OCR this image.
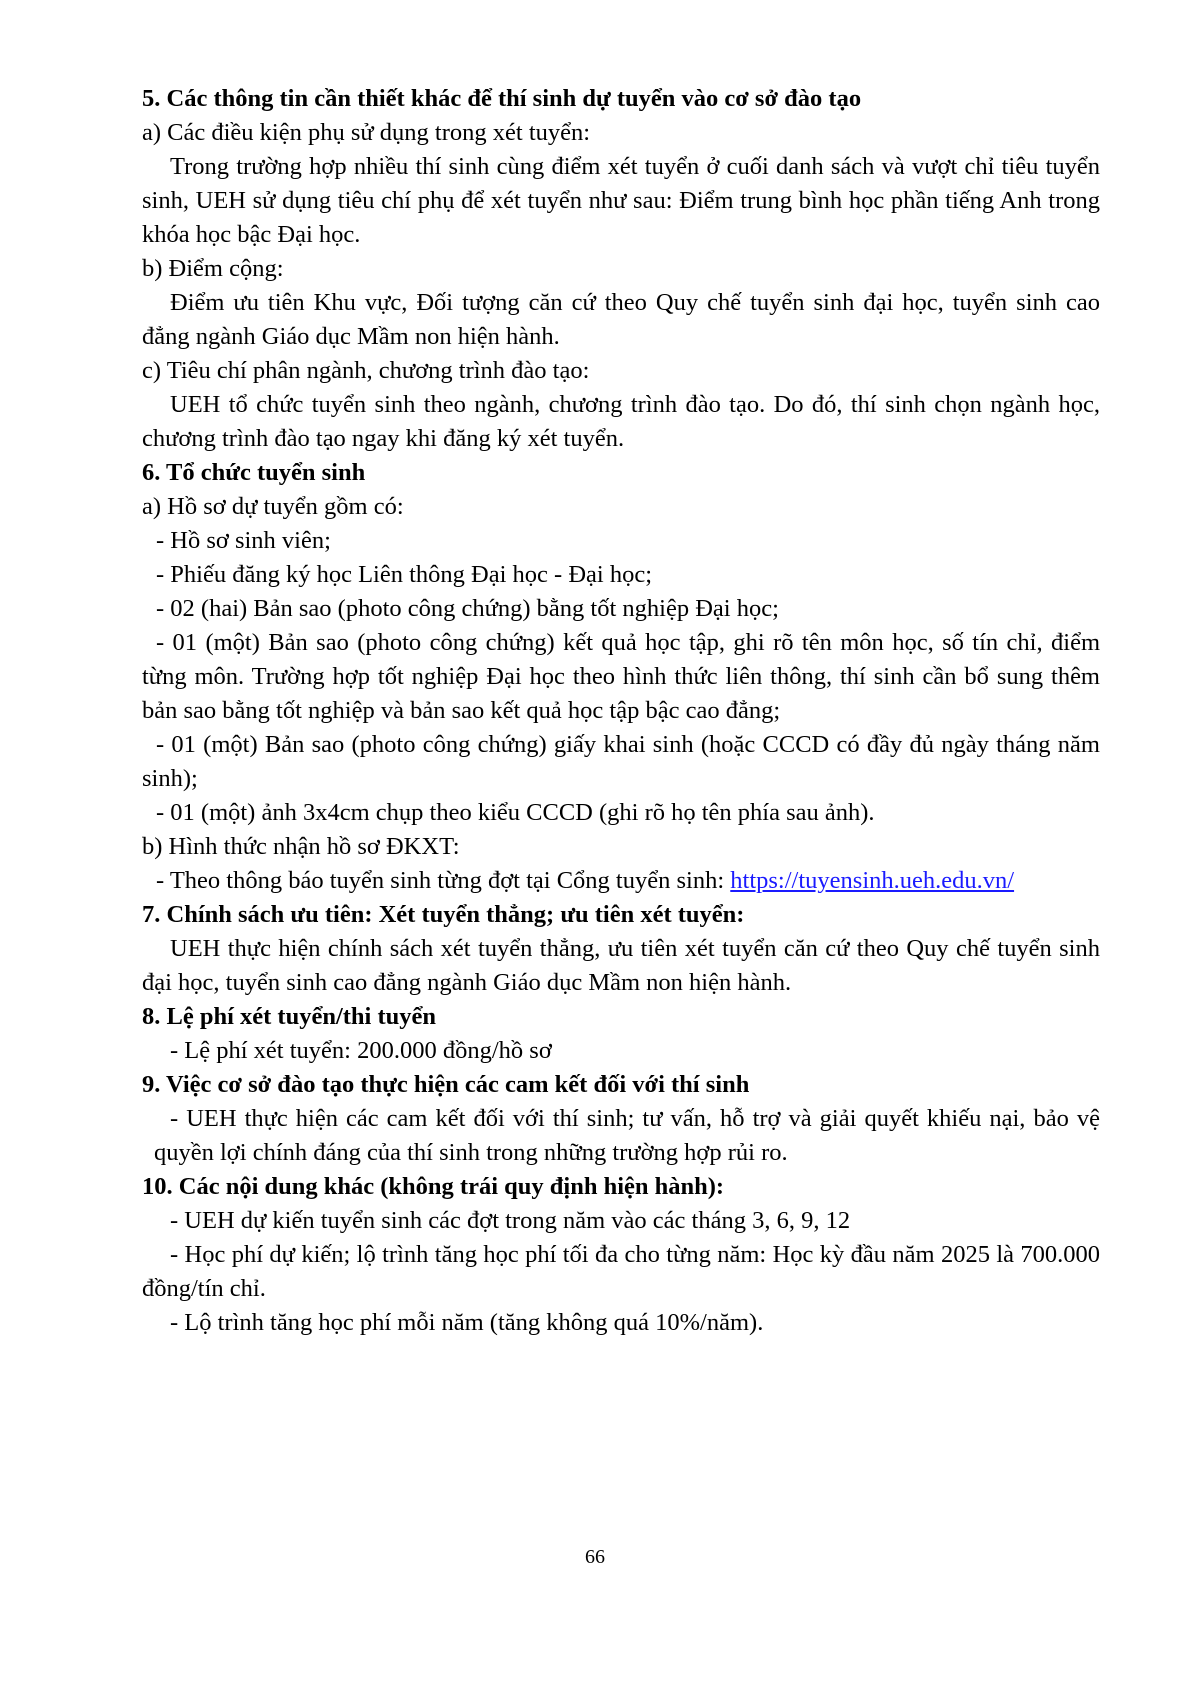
5. Các thông tin cần thiết khác để thí sinh dự tuyển vào cơ sở đào tạo
a) Các điều kiện phụ sử dụng trong xét tuyển:
Trong trường hợp nhiều thí sinh cùng điểm xét tuyển ở cuối danh sách và vượt chỉ tiêu tuyển sinh, UEH sử dụng tiêu chí phụ để xét tuyển như sau: Điểm trung bình học phần tiếng Anh trong khóa học bậc Đại học.
b) Điểm cộng:
Điểm ưu tiên Khu vực, Đối tượng căn cứ theo Quy chế tuyển sinh đại học, tuyển sinh cao đẳng ngành Giáo dục Mầm non hiện hành.
c) Tiêu chí phân ngành, chương trình đào tạo:
UEH tổ chức tuyển sinh theo ngành, chương trình đào tạo. Do đó, thí sinh chọn ngành học, chương trình đào tạo ngay khi đăng ký xét tuyển.
6. Tổ chức tuyển sinh
a) Hồ sơ dự tuyển gồm có:
- Hồ sơ sinh viên;
- Phiếu đăng ký học Liên thông Đại học - Đại học;
- 02 (hai) Bản sao (photo công chứng) bằng tốt nghiệp Đại học;
- 01 (một) Bản sao (photo công chứng) kết quả học tập, ghi rõ tên môn học, số tín chỉ, điểm từng môn. Trường hợp tốt nghiệp Đại học theo hình thức liên thông, thí sinh cần bổ sung thêm bản sao bằng tốt nghiệp và bản sao kết quả học tập bậc cao đẳng;
- 01 (một) Bản sao (photo công chứng) giấy khai sinh (hoặc CCCD có đầy đủ ngày tháng năm sinh);
- 01 (một) ảnh 3x4cm chụp theo kiểu CCCD (ghi rõ họ tên phía sau ảnh).
b) Hình thức nhận hồ sơ ĐKXT:
- Theo thông báo tuyển sinh từng đợt tại Cổng tuyển sinh: https://tuyensinh.ueh.edu.vn/
7. Chính sách ưu tiên: Xét tuyển thẳng; ưu tiên xét tuyển:
UEH thực hiện chính sách xét tuyển thẳng, ưu tiên xét tuyển căn cứ theo Quy chế tuyển sinh đại học, tuyển sinh cao đẳng ngành Giáo dục Mầm non hiện hành.
8. Lệ phí xét tuyển/thi tuyển
- Lệ phí xét tuyển: 200.000 đồng/hồ sơ
9. Việc cơ sở đào tạo thực hiện các cam kết đối với thí sinh
- UEH thực hiện các cam kết đối với thí sinh; tư vấn, hỗ trợ và giải quyết khiếu nại, bảo vệ quyền lợi chính đáng của thí sinh trong những trường hợp rủi ro.
10. Các nội dung khác (không trái quy định hiện hành):
- UEH dự kiến tuyển sinh các đợt trong năm vào các tháng 3, 6, 9, 12
- Học phí dự kiến; lộ trình tăng học phí tối đa cho từng năm: Học kỳ đầu năm 2025 là 700.000 đồng/tín chỉ.
- Lộ trình tăng học phí mỗi năm (tăng không quá 10%/năm).
66
